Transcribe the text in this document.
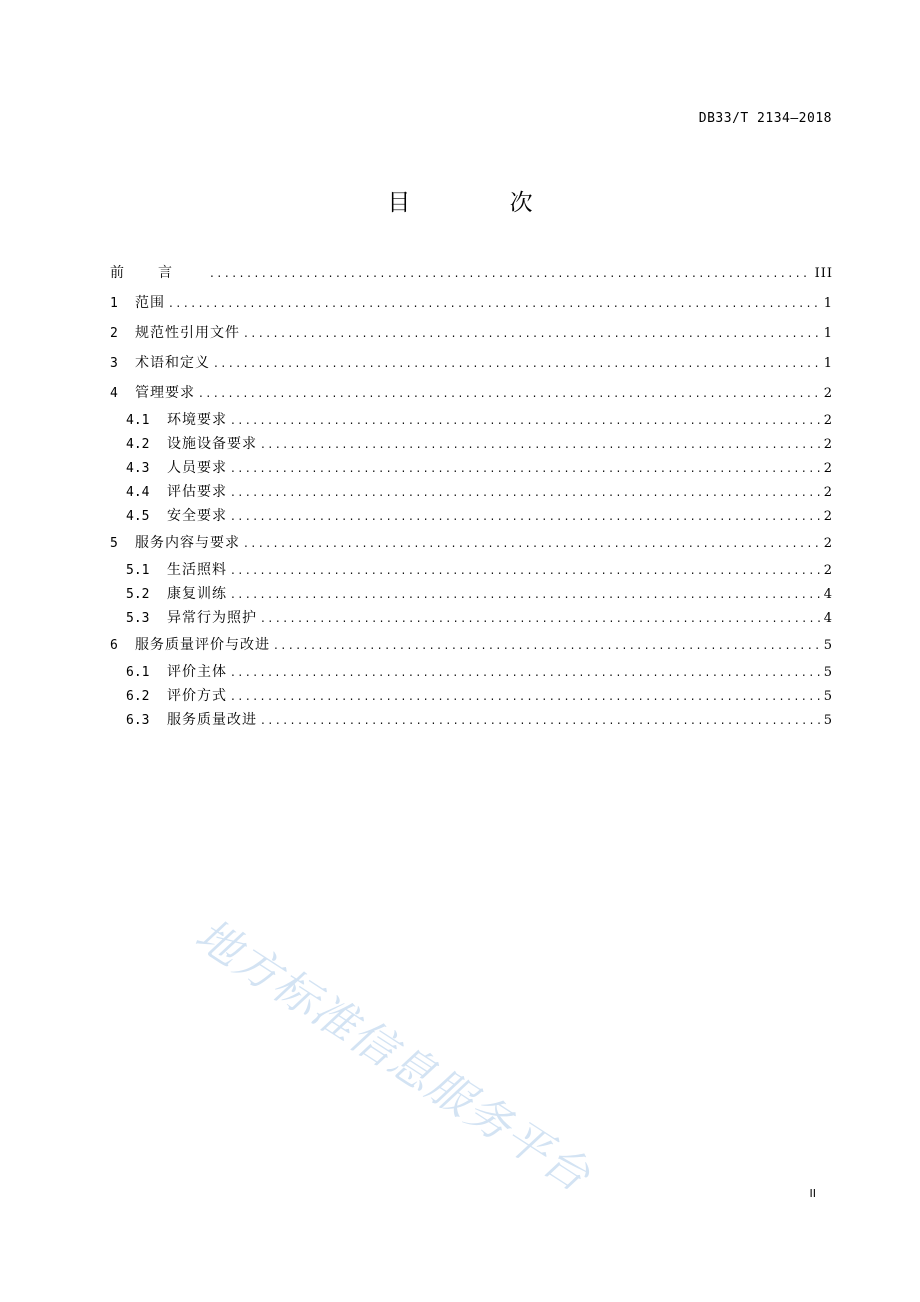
DB33/T 2134—2018
目 次
前言 .....	III
1	范围 .....	1
2	规范性引用文件 .....	1
3	术语和定义 .....	1
4	管理要求 .....	2
4.1	环境要求 .....	2
4.2	设施设备要求 .....	2
4.3	人员要求 .....	2
4.4	评估要求 .....	2
4.5	安全要求 .....	2
5	服务内容与要求 .....	2
5.1	生活照料 .....	2
5.2	康复训练 .....	4
5.3	异常行为照护 .....	4
6	服务质量评价与改进 .....	5
6.1	评价主体 .....	5
6.2	评价方式 .....	5
6.3	服务质量改进 .....	5
地方标准信息服务平台	II
